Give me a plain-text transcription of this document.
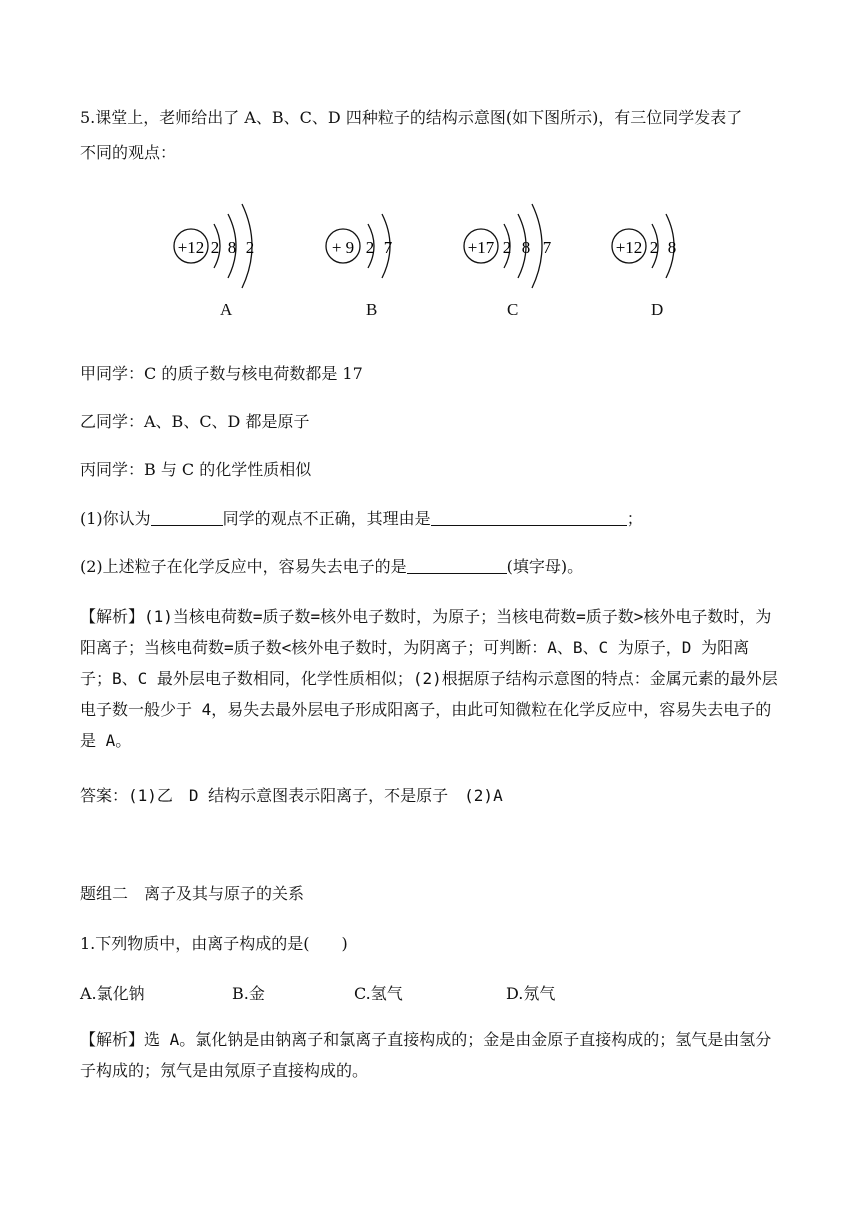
5.课堂上，老师给出了 A、B、C、D 四种粒子的结构示意图(如下图所示)，有三位同学发表了
不同的观点：
+12 2 8 2
A
+ 9 2 7
B
+17 2 8 7
C
+12 2 8
D
甲同学：C 的质子数与核电荷数都是 17
乙同学：A、B、C、D 都是原子
丙同学：B 与 C 的化学性质相似
(1)你认为	同学的观点不正确，其理由是	；
(2)上述粒子在化学反应中，容易失去电子的是	(填字母)。
【解析】(1)当核电荷数=质子数=核外电子数时，为原子；当核电荷数=质子数>核外电子数时，为阳离子；当核电荷数=质子数<核外电子数时，为阴离子；可判断：A、B、C 为原子，D 为阳离子；B、C 最外层电子数相同，化学性质相似；(2)根据原子结构示意图的特点：金属元素的最外层电子数一般少于 4，易失去最外层电子形成阳离子，由此可知微粒在化学反应中，容易失去电子的是 A。
答案：(1)乙　D 结构示意图表示阳离子，不是原子　(2)A
题组二　离子及其与原子的关系
1.下列物质中，由离子构成的是(　　)
A.氯化钠	B.金	C.氢气	D.氖气
【解析】选 A。氯化钠是由钠离子和氯离子直接构成的；金是由金原子直接构成的；氢气是由氢分子构成的；氖气是由氖原子直接构成的。
